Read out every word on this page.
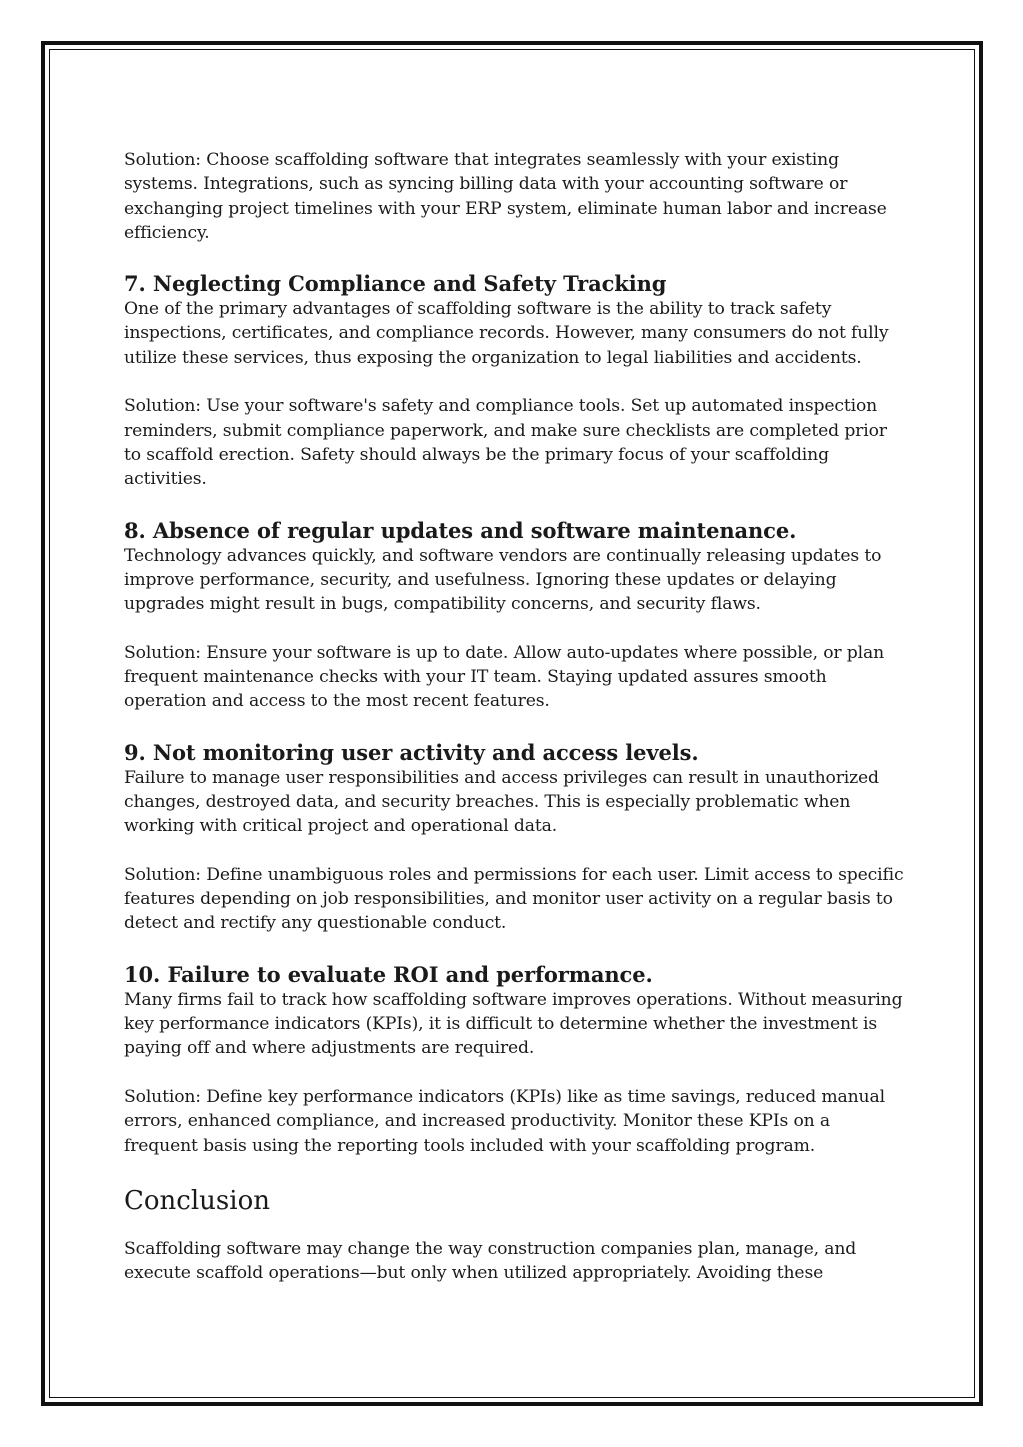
Solution: Choose scaffolding software that integrates seamlessly with your existing systems. Integrations, such as syncing billing data with your accounting software or exchanging project timelines with your ERP system, eliminate human labor and increase efficiency.

7. Neglecting Compliance and Safety Tracking

One of the primary advantages of scaffolding software is the ability to track safety inspections, certificates, and compliance records. However, many consumers do not fully utilize these services, thus exposing the organization to legal liabilities and accidents.

Solution: Use your software's safety and compliance tools. Set up automated inspection reminders, submit compliance paperwork, and make sure checklists are completed prior to scaffold erection. Safety should always be the primary focus of your scaffolding activities.

8. Absence of regular updates and software maintenance.

Technology advances quickly, and software vendors are continually releasing updates to improve performance, security, and usefulness. Ignoring these updates or delaying upgrades might result in bugs, compatibility concerns, and security flaws.

Solution: Ensure your software is up to date. Allow auto-updates where possible, or plan frequent maintenance checks with your IT team. Staying updated assures smooth operation and access to the most recent features.

9. Not monitoring user activity and access levels.

Failure to manage user responsibilities and access privileges can result in unauthorized changes, destroyed data, and security breaches. This is especially problematic when working with critical project and operational data.

Solution: Define unambiguous roles and permissions for each user. Limit access to specific features depending on job responsibilities, and monitor user activity on a regular basis to detect and rectify any questionable conduct.

10. Failure to evaluate ROI and performance.

Many firms fail to track how scaffolding software improves operations. Without measuring key performance indicators (KPIs), it is difficult to determine whether the investment is paying off and where adjustments are required.

Solution: Define key performance indicators (KPIs) like as time savings, reduced manual errors, enhanced compliance, and increased productivity. Monitor these KPIs on a frequent basis using the reporting tools included with your scaffolding program.

Conclusion

Scaffolding software may change the way construction companies plan, manage, and execute scaffold operations—but only when utilized appropriately. Avoiding these
